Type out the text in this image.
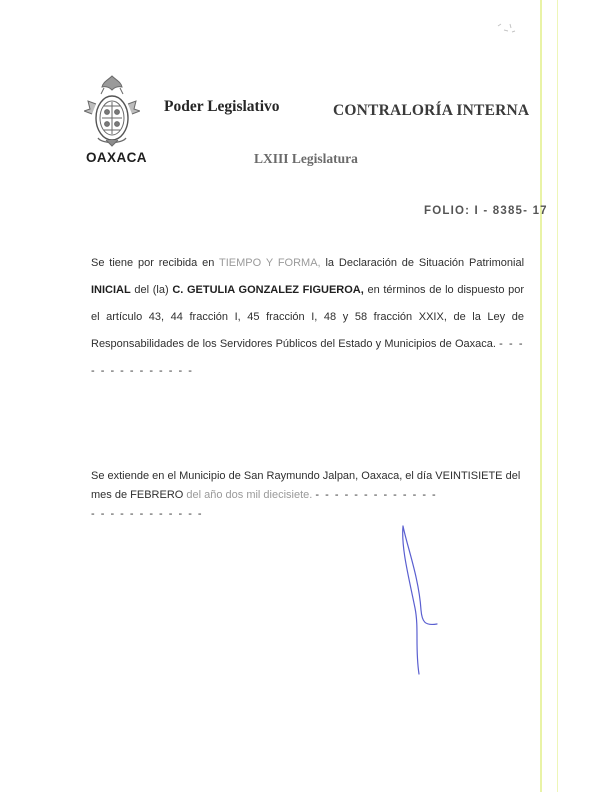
OAXACA
Poder Legislativo	CONTRALORÍA INTERNA
LXIII Legislatura
FOLIO: I - 8385- 17
Se tiene por recibida en TIEMPO Y FORMA, la Declaración de Situación Patrimonial INICIAL del (la) C. GETULIA GONZALEZ FIGUEROA, en términos de lo dispuesto por el artículo 43, 44 fracción I, 45 fracción I, 48 y 58 fracción XXIX, de la Ley de Responsabilidades de los Servidores Públicos del Estado y Municipios de Oaxaca. - - - - - - - - - - - - - -
Se extiende en el Municipio de San Raymundo Jalpan, Oaxaca, el día VEINTISIETE del mes de FEBRERO del año dos mil diecisiete. - - - - - - - - - - - - -
- - - - - - - - - - - -
